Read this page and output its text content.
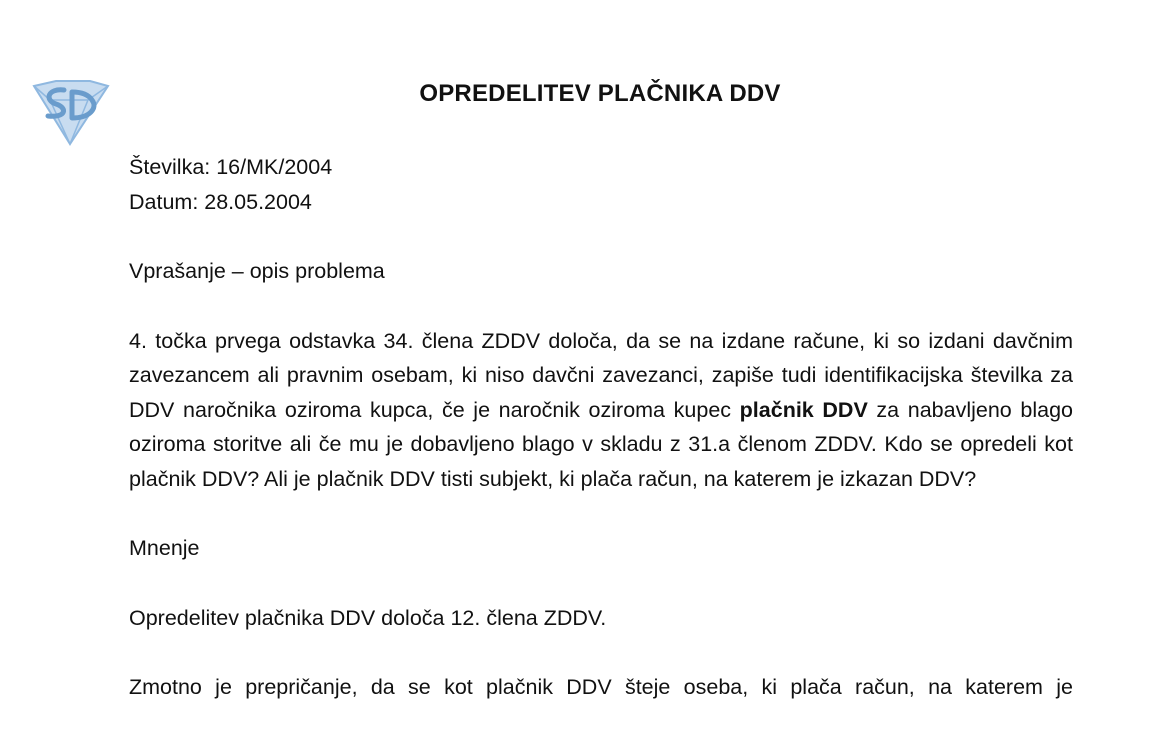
OPREDELITEV PLAČNIKA DDV

Številka: 16/MK/2004

Datum: 28.05.2004

Vprašanje – opis problema

4. točka prvega odstavka 34. člena ZDDV določa, da se na izdane račune, ki so izdani davčnim zavezancem ali pravnim osebam, ki niso davčni zavezanci, zapiše tudi identifikacijska številka za DDV naročnika oziroma kupca, če je naročnik oziroma kupec plačnik DDV za nabavljeno blago oziroma storitve ali če mu je dobavljeno blago v skladu z 31.a členom ZDDV. Kdo se opredeli kot plačnik DDV? Ali je plačnik DDV tisti subjekt, ki plača račun, na katerem je izkazan DDV?

Mnenje

Opredelitev plačnika DDV določa 12. člena ZDDV.

Zmotno je prepričanje, da se kot plačnik DDV šteje oseba, ki plača račun, na katerem je
